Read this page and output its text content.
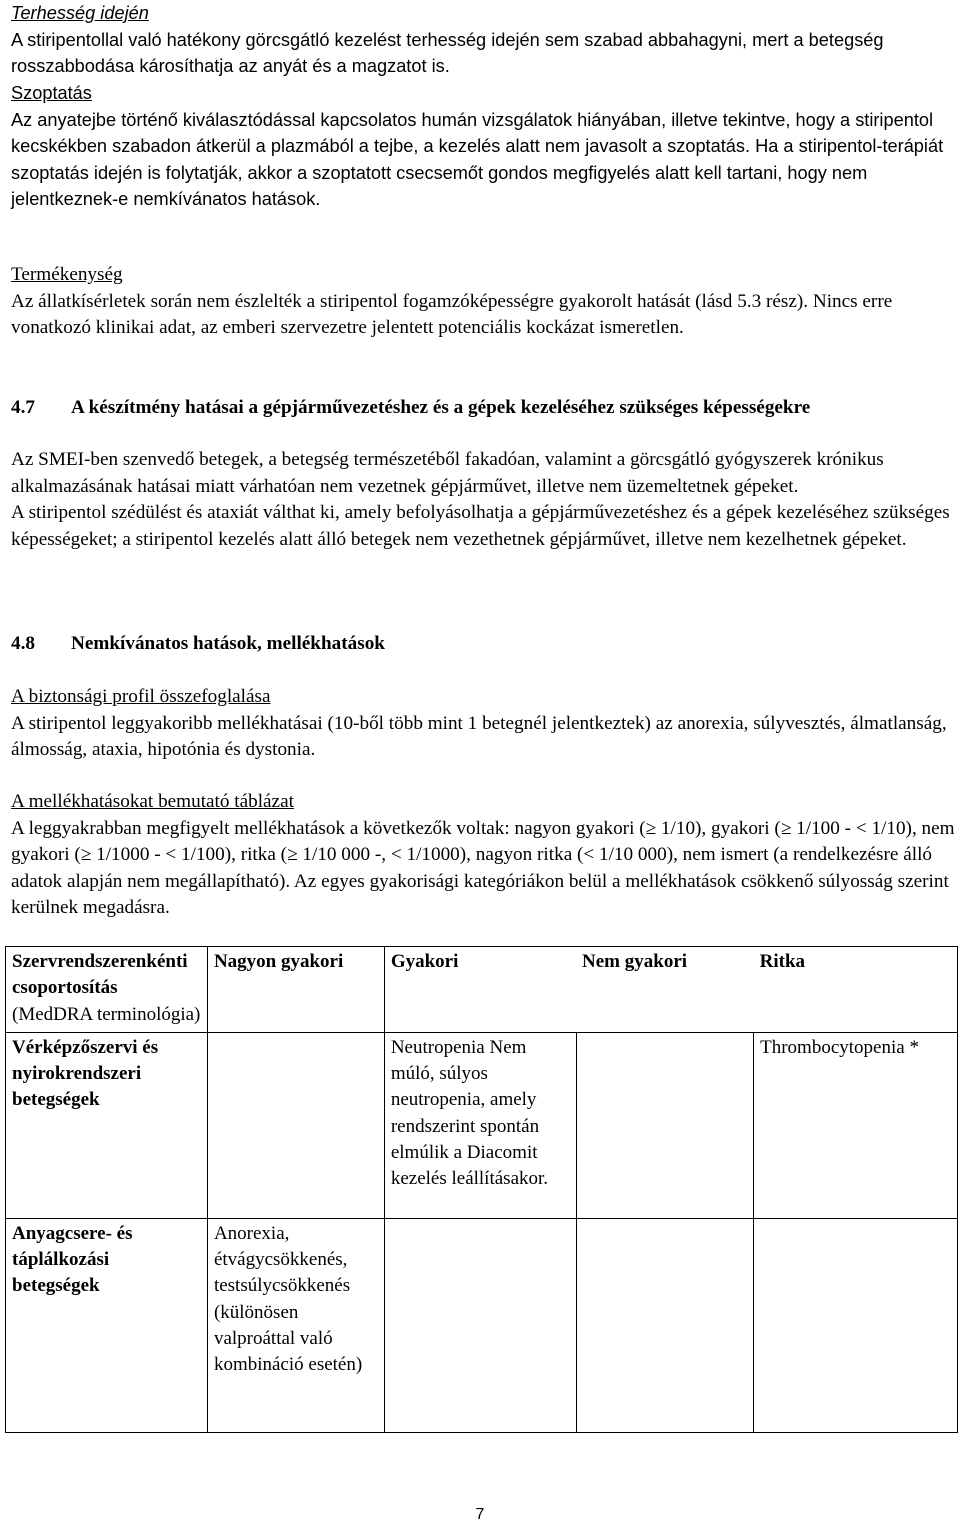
Terhesség idején

A stiripentollal való hatékony görcsgátló kezelést terhesség idején sem szabad abbahagyni, mert a betegség rosszabbodása károsíthatja az anyát és a magzatot is.

Szoptatás

Az anyatejbe történő kiválasztódással kapcsolatos humán vizsgálatok hiányában, illetve tekintve, hogy a stiripentol kecskékben szabadon átkerül a plazmából a tejbe, a kezelés alatt nem javasolt a szoptatás. Ha a stiripentol-terápiát szoptatás idején is folytatják, akkor a szoptatott csecsemőt gondos megfigyelés alatt kell tartani, hogy nem jelentkeznek-e nemkívánatos hatások.

Termékenység

Az állatkísérletek során nem észlelték a stiripentol fogamzóképességre gyakorolt hatását (lásd 5.3 rész). Nincs erre vonatkozó klinikai adat, az emberi szervezetre jelentett potenciális kockázat ismeretlen.

4.7 A készítmény hatásai a gépjárművezetéshez és a gépek kezeléséhez szükséges képességekre

Az SMEI-ben szenvedő betegek, a betegség természetéből fakadóan, valamint a görcsgátló gyógyszerek krónikus alkalmazásának hatásai miatt várhatóan nem vezetnek gépjárművet, illetve nem üzemeltetnek gépeket.

A stiripentol szédülést és ataxiát válthat ki, amely befolyásolhatja a gépjárművezetéshez és a gépek kezeléséhez szükséges képességeket; a stiripentol kezelés alatt álló betegek nem vezethetnek gépjárművet, illetve nem kezelhetnek gépeket.

4.8 Nemkívánatos hatások, mellékhatások

A biztonsági profil összefoglalása

A stiripentol leggyakoribb mellékhatásai (10-ből több mint 1 betegnél jelentkeztek) az anorexia, súlyvesztés, álmatlanság, álmosság, ataxia, hipotónia és dystonia.

A mellékhatásokat bemutató táblázat

A leggyakrabban megfigyelt mellékhatások a következők voltak: nagyon gyakori (≥ 1/10), gyakori (≥ 1/100 - < 1/10), nem gyakori (≥ 1/1000 - < 1/100), ritka (≥ 1/10 000 -, < 1/1000), nagyon ritka (< 1/10 000), nem ismert (a rendelkezésre álló adatok alapján nem megállapítható). Az egyes gyakorisági kategóriákon belül a mellékhatások csökkenő súlyosság szerint kerülnek megadásra.

Szervrendszerenkénti csoportosítás
(MedDRA terminológia)	Nagyon gyakori	Gyakori	Nem gyakori	Ritka
Vérképzőszervi és nyirokrendszeri betegségek		Neutropenia Nem múló, súlyos neutropenia, amely rendszerint spontán elmúlik a Diacomit kezelés leállításakor.		Thrombocytopenia *
Anyagcsere- és táplálkozási betegségek	Anorexia, étvágycsökkenés, testsúlycsökkenés (különösen valproáttal való kombináció esetén)			
7
